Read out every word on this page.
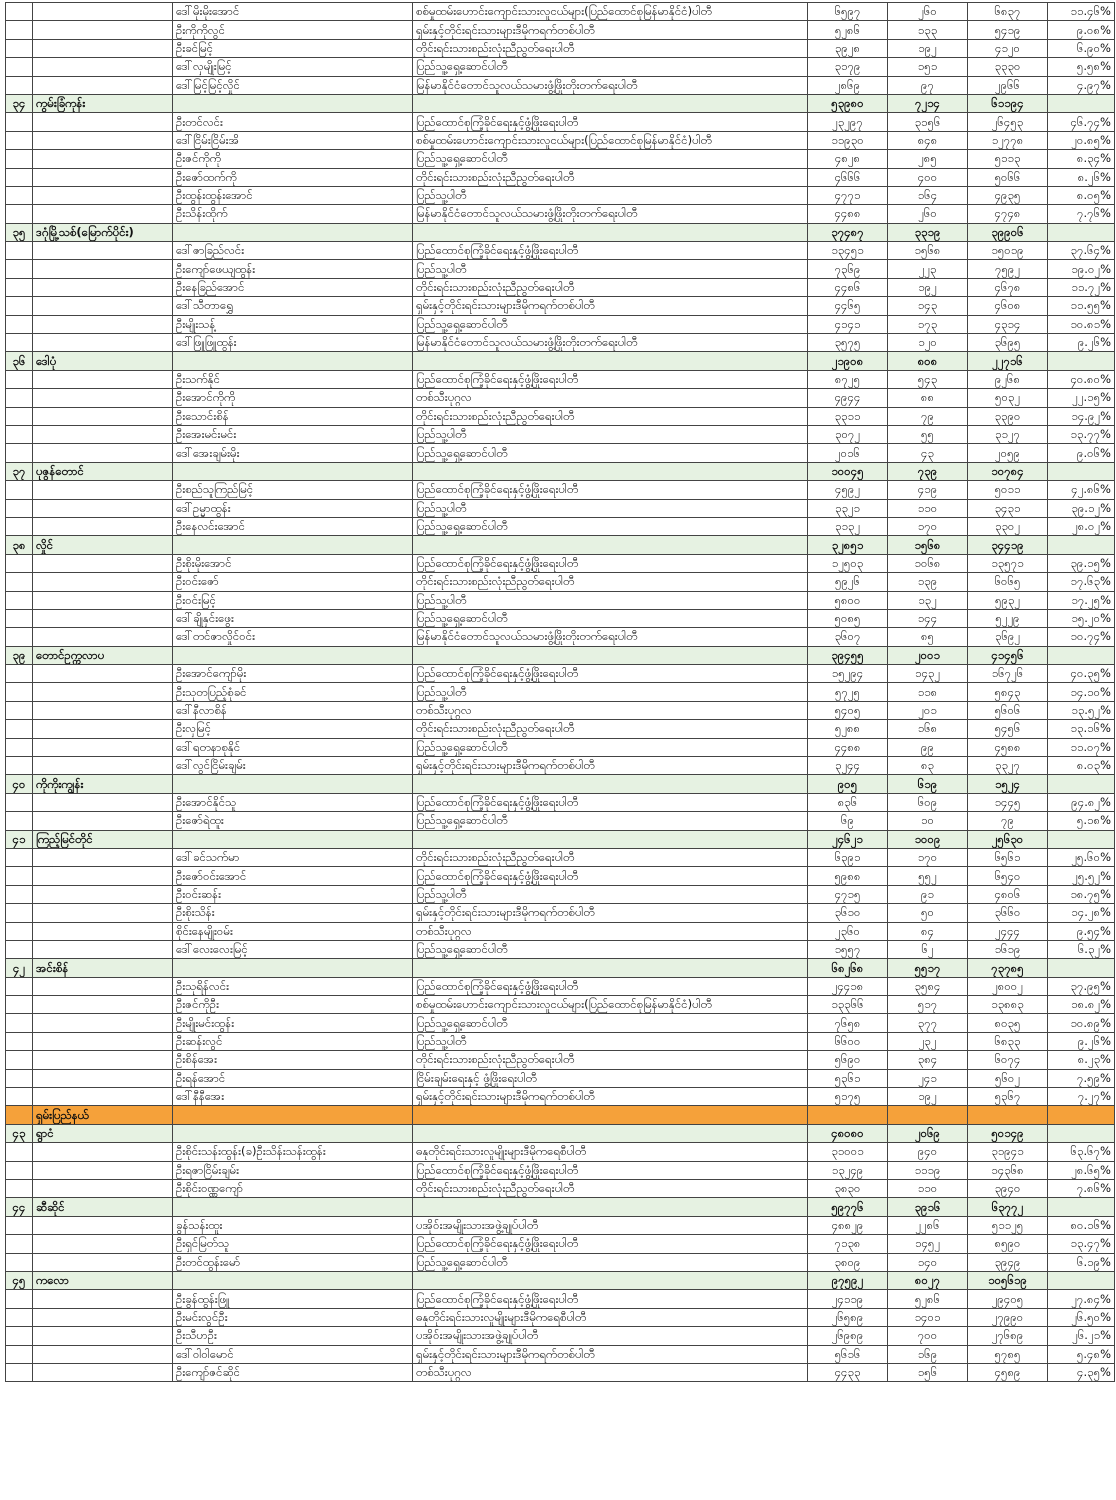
		ဒေါ်မိုးမိုးအောင်	စစ်မှုထမ်းဟောင်းကျောင်းသားလူငယ်များ(ပြည်ထောင်စုမြန်မာနိုင်ငံ)ပါတီ	၆၅၉၇	၂၆၀	၆၈၃၇	၁၁.၄၆%
		ဦးကိုကိုလွင်	ရှမ်းနှင့်တိုင်းရင်းသားများဒီမိုကရက်တစ်ပါတီ	၅၂၈၆	၁၃၃	၅၄၁၉	၉.၀၈%
		ဦးခင်မြင့်	တိုင်းရင်းသားစည်းလုံးညီညွတ်ရေးပါတီ	၃၉၂၈	၁၉၂	၄၁၂၀	၆.၉၀%
		ဒေါ်လှမျိုးမြင့်	ပြည်သူ့ရှေ့ဆောင်ပါတီ	၃၁၇၉	၁၅၁	၃၃၃၀	၅.၅၈%
		ဒေါ်မြင့်မြင့်လှိုင်	မြန်မာနိုင်ငံတောင်သူလယ်သမားဖွံ့ဖြိုးတိုးတက်ရေးပါတီ	၂၈၆၉	၉၇	၂၉၆၆	၄.၉၇%
၃၄	ကွမ်းခြံကုန်း			၅၃၉၈၀	၇၂၁၄	၆၁၁၉၄	
		ဦးတင်လင်း	ပြည်ထောင်စုကြံ့ခိုင်ရေးနှင့်ဖွံ့ဖြိုးရေးပါတီ	၂၃၂၉၇	၃၁၅၆	၂၆၄၅၃	၄၆.၇၄%
		ဒေါ်ငြိမ်းငြိမ်းအိ	စစ်မှုထမ်းဟောင်းကျောင်းသားလူငယ်များ(ပြည်ထောင်စုမြန်မာနိုင်ငံ)ပါတီ	၁၁၉၃၀	၈၄၈	၁၂၇၇၈	၂၀.၈၅%
		ဦးဇင်ကိုကို	ပြည်သူ့ရှေ့ဆောင်ပါတီ	၄၈၂၈	၂၈၅	၅၁၁၃	၈.၃၄%
		ဦးဇော်ထက်ကို	တိုင်းရင်းသားစည်းလုံးညီညွတ်ရေးပါတီ	၄၆၆၆	၄၀၀	၅၀၆၆	၈.၂၆%
		ဦးထွန်းထွန်းအောင်	ပြည်သူ့ပါတီ	၄၇၇၁	၁၆၄	၄၉၃၅	၈.၀၅%
		ဦးသိန်းထိုက်	မြန်မာနိုင်ငံတောင်သူလယ်သမားဖွံ့ဖြိုးတိုးတက်ရေးပါတီ	၄၄၈၈	၂၆၀	၄၇၄၈	၇.၇၆%
၃၅	ဒဂုံမြို့သစ်(မြောက်ပိုင်း)			၃၇၄၈၇	၃၃၁၉	၃၉၉၀၆	
		ဒေါ်ဇာခြည်လင်း	ပြည်ထောင်စုကြံ့ခိုင်ရေးနှင့်ဖွံ့ဖြိုးရေးပါတီ	၁၃၄၅၁	၁၅၆၈	၁၅၀၁၉	၃၇.၆၄%
		ဦးကျော်ဖေယျထွန်း	ပြည်သူ့ပါတီ	၇၃၆၉	၂၂၃	၇၅၉၂	၁၉.၀၂%
		ဦးနေခြည်အောင်	တိုင်းရင်းသားစည်းလုံးညီညွတ်ရေးပါတီ	၄၄၈၆	၁၉၂	၄၆၇၈	၁၁.၇၂%
		ဒေါ်သီတာရွှေ	ရှမ်းနှင့်တိုင်းရင်းသားများဒီမိုကရက်တစ်ပါတီ	၄၄၆၅	၁၄၃	၄၆၀၈	၁၁.၅၅%
		ဦးမျိုးသန့်	ပြည်သူ့ရှေ့ဆောင်ပါတီ	၄၁၄၁	၁၇၃	၄၃၁၄	၁၀.၈၁%
		ဒေါ်ဖြူဖြူထွန်း	မြန်မာနိုင်ငံတောင်သူလယ်သမားဖွံ့ဖြိုးတိုးတက်ရေးပါတီ	၃၅၇၅	၁၂၀	၃၆၉၅	၉.၂၆%
၃၆	ဒေါပုံ			၂၁၉၀၈	၈၀၈	၂၂၇၁၆	
		ဦးသက်နိုင်	ပြည်ထောင်စုကြံ့ခိုင်ရေးနှင့်ဖွံ့ဖြိုးရေးပါတီ	၈၇၂၅	၅၄၃	၉၂၆၈	၄၀.၈၀%
		ဦးအောင်ကိုကို	တစ်သီးပုဂ္ဂလ	၄၉၄၄	၈၈	၅၀၃၂	၂၂.၁၅%
		ဦးသောင်းစိန်	တိုင်းရင်းသားစည်းလုံးညီညွတ်ရေးပါတီ	၃၃၁၁	၇၉	၃၃၉၀	၁၄.၉၂%
		ဦးအေးမင်းမင်း	ပြည်သူ့ပါတီ	၃၀၇၂	၅၅	၃၁၂၇	၁၃.၇၇%
		ဒေါ်အေးချမ်းမိုး	ပြည်သူ့ရှေ့ဆောင်ပါတီ	၂၀၁၆	၄၃	၂၀၅၉	၉.၀၆%
၃၇	ပုဇွန်တောင်			၁၀၀၄၅	၇၃၉	၁၀၇၈၄	
		ဦးစည်သူကြည်မြင့်	ပြည်ထောင်စုကြံ့ခိုင်ရေးနှင့်ဖွံ့ဖြိုးရေးပါတီ	၄၅၉၂	၄၁၉	၅၀၁၁	၄၂.၈၆%
		ဒေါ်ဥမ္မာထွန်း	ပြည်သူ့ပါတီ	၃၃၂၁	၁၁၀	၃၄၃၁	၃၉.၁၂%
		ဦးနေလင်းအောင်	ပြည်သူ့ရှေ့ဆောင်ပါတီ	၃၁၃၂	၁၇၀	၃၃၀၂	၂၈.၀၂%
၃၈	လှိုင်			၃၂၈၅၁	၁၅၆၈	၃၄၄၁၉	
		ဦးစိုးမိုးအောင်	ပြည်ထောင်စုကြံ့ခိုင်ရေးနှင့်ဖွံ့ဖြိုးရေးပါတီ	၁၂၅၀၃	၁၀၆၈	၁၃၅၇၁	၃၉.၁၅%
		ဦးဝင်းဇော်	တိုင်းရင်းသားစည်းလုံးညီညွတ်ရေးပါတီ	၅၉၂၆	၁၃၉	၆၀၆၅	၁၇.၆၃%
		ဦးဝင်းမြင့်	ပြည်သူ့ပါတီ	၅၈၀၀	၁၃၂	၅၉၃၂	၁၇.၂၅%
		ဒေါ်ချိုနှင်းဖွေး	ပြည်သူ့ရှေ့ဆောင်ပါတီ	၅၀၈၅	၁၄၄	၅၂၂၉	၁၅.၂၀%
		ဒေါ်တင်ဇာလှိုင်ဝင်း	မြန်မာနိုင်ငံတောင်သူလယ်သမားဖွံ့ဖြိုးတိုးတက်ရေးပါတီ	၃၆၀၇	၈၅	၃၆၉၂	၁၀.၇၄%
၃၉	တောင်ဥက္ကလာပ			၃၉၄၅၅	၂၀၀၁	၄၁၄၅၆	
		ဦးအောင်ကျော်မိုး	ပြည်ထောင်စုကြံ့ခိုင်ရေးနှင့်ဖွံ့ဖြိုးရေးပါတီ	၁၅၂၉၄	၁၄၃၂	၁၆၇၂၆	၄၀.၃၅%
		ဦးသုတပြည့်စုံခင်	ပြည်သူ့ပါတီ	၅၇၂၅	၁၁၈	၅၈၄၃	၁၄.၁၀%
		ဒေါ်နီလာစိန်	တစ်သီးပုဂ္ဂလ	၅၄၀၅	၂၀၁	၅၆၀၆	၁၃.၅၂%
		ဦးလှမြင့်	တိုင်းရင်းသားစည်းလုံးညီညွတ်ရေးပါတီ	၅၂၈၈	၁၆၈	၅၄၅၆	၁၃.၁၆%
		ဒေါ်ရတနာစုနိုင်	ပြည်သူ့ရှေ့ဆောင်ပါတီ	၄၄၈၈	၉၉	၄၅၈၈	၁၁.၀၇%
		ဒေါ်လွင်ငြိမ်းချမ်း	ရှမ်းနှင့်တိုင်းရင်းသားများဒီမိုကရက်တစ်ပါတီ	၃၂၄၄	၈၃	၃၃၂၇	၈.၀၃%
၄၀	ကိုကိုးကျွန်း			၉၀၅	၆၁၉	၁၅၂၄	
		ဦးအောင်နိုင်သူ	ပြည်ထောင်စုကြံ့ခိုင်ရေးနှင့်ဖွံ့ဖြိုးရေးပါတီ	၈၃၆	၆၀၉	၁၄၄၅	၉၄.၈၂%
		ဦးဇော်ရဲထူး	ပြည်သူ့ရှေ့ဆောင်ပါတီ	၆၉	၁၀	၇၉	၅.၁၈%
၄၁	ကြည့်မြင်တိုင်			၂၄၆၂၁	၁၀၀၉	၂၅၆၃၀	
		ဒေါ်ခင်သက်မာ	တိုင်းရင်းသားစည်းလုံးညီညွတ်ရေးပါတီ	၆၃၉၁	၁၇၀	၆၅၆၁	၂၅.၆၀%
		ဦးဇော်ဝင်းအောင်	ပြည်ထောင်စုကြံ့ခိုင်ရေးနှင့်ဖွံ့ဖြိုးရေးပါတီ	၅၉၈၈	၅၅၂	၆၅၄၀	၂၅.၅၂%
		ဦးဝင်းဆန်း	ပြည်သူ့ပါတီ	၄၇၁၅	၉၁	၄၈၀၆	၁၈.၇၅%
		ဦးစိုးသိန်း	ရှမ်းနှင့်တိုင်းရင်းသားများဒီမိုကရက်တစ်ပါတီ	၃၆၁၀	၅၀	၃၆၆၀	၁၄.၂၈%
		စိုင်းနေမျိုးဝမ်း	တစ်သီးပုဂ္ဂလ	၂၃၆၀	၈၄	၂၄၄၄	၉.၅၄%
		ဒေါ်လေးလေးမြင့်	ပြည်သူ့ရှေ့ဆောင်ပါတီ	၁၅၅၇	၆၂	၁၆၁၉	၆.၃၂%
၄၂	အင်းစိန်			၆၈၂၆၈	၅၅၁၇	၇၃၇၈၅	
		ဦးသုရိန်လင်း	ပြည်ထောင်စုကြံ့ခိုင်ရေးနှင့်ဖွံ့ဖြိုးရေးပါတီ	၂၄၄၁၈	၃၅၈၄	၂၈၀၀၂	၃၇.၉၅%
		ဦးဇင်ကိုဦး	စစ်မှုထမ်းဟောင်းကျောင်းသားလူငယ်များ(ပြည်ထောင်စုမြန်မာနိုင်ငံ)ပါတီ	၁၃၃၆၆	၅၁၇	၁၃၈၈၃	၁၈.၈၂%
		ဦးမျိုးမင်းထွန်း	ပြည်သူ့ရှေ့ဆောင်ပါတီ	၇၆၅၈	၃၇၇	၈၀၃၅	၁၀.၈၉%
		ဦးဆန်းလွင်	ပြည်သူ့ပါတီ	၆၆၀၀	၂၃၂	၆၈၃၃	၉.၂၆%
		ဦးစိန်အေး	တိုင်းရင်းသားစည်းလုံးညီညွတ်ရေးပါတီ	၅၆၉၀	၃၈၄	၆၀၇၄	၈.၂၃%
		ဦးရန်အောင်	ငြိမ်းချမ်းရေးနှင့် ဖွံ့ဖြိုးရေးပါတီ	၅၃၆၁	၂၄၁	၅၆၀၂	၇.၅၉%
		ဒေါ်နီနီအေး	ရှမ်းနှင့်တိုင်းရင်းသားများဒီမိုကရက်တစ်ပါတီ	၅၁၇၅	၁၉၂	၅၃၆၇	၇.၂၇%
	ရှမ်းပြည်နယ်						
၄၃	ရွာငံ			၄၈၀၈၀	၂၀၆၉	၅၀၁၄၉	
		ဦးစိုင်းသန်းထွန်း(ခ)ဦးသိန်းသန်းထွန်း	ဓနုတိုင်းရင်းသားလူမျိုးများဒီမိုကရေစီပါတီ	၃၁၀၀၁	၉၄၀	၃၁၉၄၁	၆၃.၆၇%
		ဦးရဇာငြိမ်းချမ်း	ပြည်ထောင်စုကြံ့ခိုင်ရေးနှင့်ဖွံ့ဖြိုးရေးပါတီ	၁၃၂၄၉	၁၁၁၉	၁၄၃၆၈	၂၈.၆၅%
		ဦးစိုင်းဝဏ္ဏကျော်	တိုင်းရင်းသားစည်းလုံးညီညွတ်ရေးပါတီ	၃၈၃၀	၁၁၀	၃၉၄၀	၇.၈၆%
၄၄	ဆီဆိုင်			၅၉၇၇၆	၃၉၁၆	၆၃၇၇၂	
		ခွန်သန်းထူး	ပအိုဝ်းအမျိုးသားအဖွဲ့ချုပ်ပါတီ	၄၈၈၂၉	၂၂၈၆	၅၁၁၂၅	၈၀.၁၆%
		ဦးရှင်မြတ်သူ	ပြည်ထောင်စုကြံ့ခိုင်ရေးနှင့်ဖွံ့ဖြိုးရေးပါတီ	၇၁၃၈	၁၄၅၂	၈၅၉၀	၁၃.၄၇%
		ဦးတင်ထွန်းမော်	ပြည်သူ့ရှေ့ဆောင်ပါတီ	၃၈၀၉	၁၄၀	၃၉၄၉	၆.၁၉%
၄၅	ကလော			၉၇၅၉၂	၈၀၂၇	၁၀၅၆၁၉	
		ဦးခွန်ထွန်းဖြူ	ပြည်ထောင်စုကြံ့ခိုင်ရေးနှင့်ဖွံ့ဖြိုးရေးပါတီ	၂၄၁၁၉	၅၂၈၆	၂၉၄၀၅	၂၇.၈၄%
		ဦးမင်းလွင်ဦး	ဓနုတိုင်းရင်းသားလူမျိုးများဒီမိုကရေစီပါတီ	၂၆၅၈၉	၁၄၀၁	၂၇၉၉၀	၂၆.၅၀%
		ဦးသီဟဦး	ပအိုဝ်းအမျိုးသားအဖွဲ့ချုပ်ပါတီ	၂၆၉၈၉	၇၀၀	၂၇၆၈၉	၂၆.၂၁%
		ဒေါ်ဝါဝါမောင်	ရှမ်းနှင့်တိုင်းရင်းသားများဒီမိုကရက်တစ်ပါတီ	၅၆၁၆	၁၆၉	၅၇၈၅	၅.၄၈%
		ဦးကျော်ဇင်ဆိုင်	တစ်သီးပုဂ္ဂလ	၄၄၃၃	၁၅၆	၄၅၈၉	၄.၃၅%
